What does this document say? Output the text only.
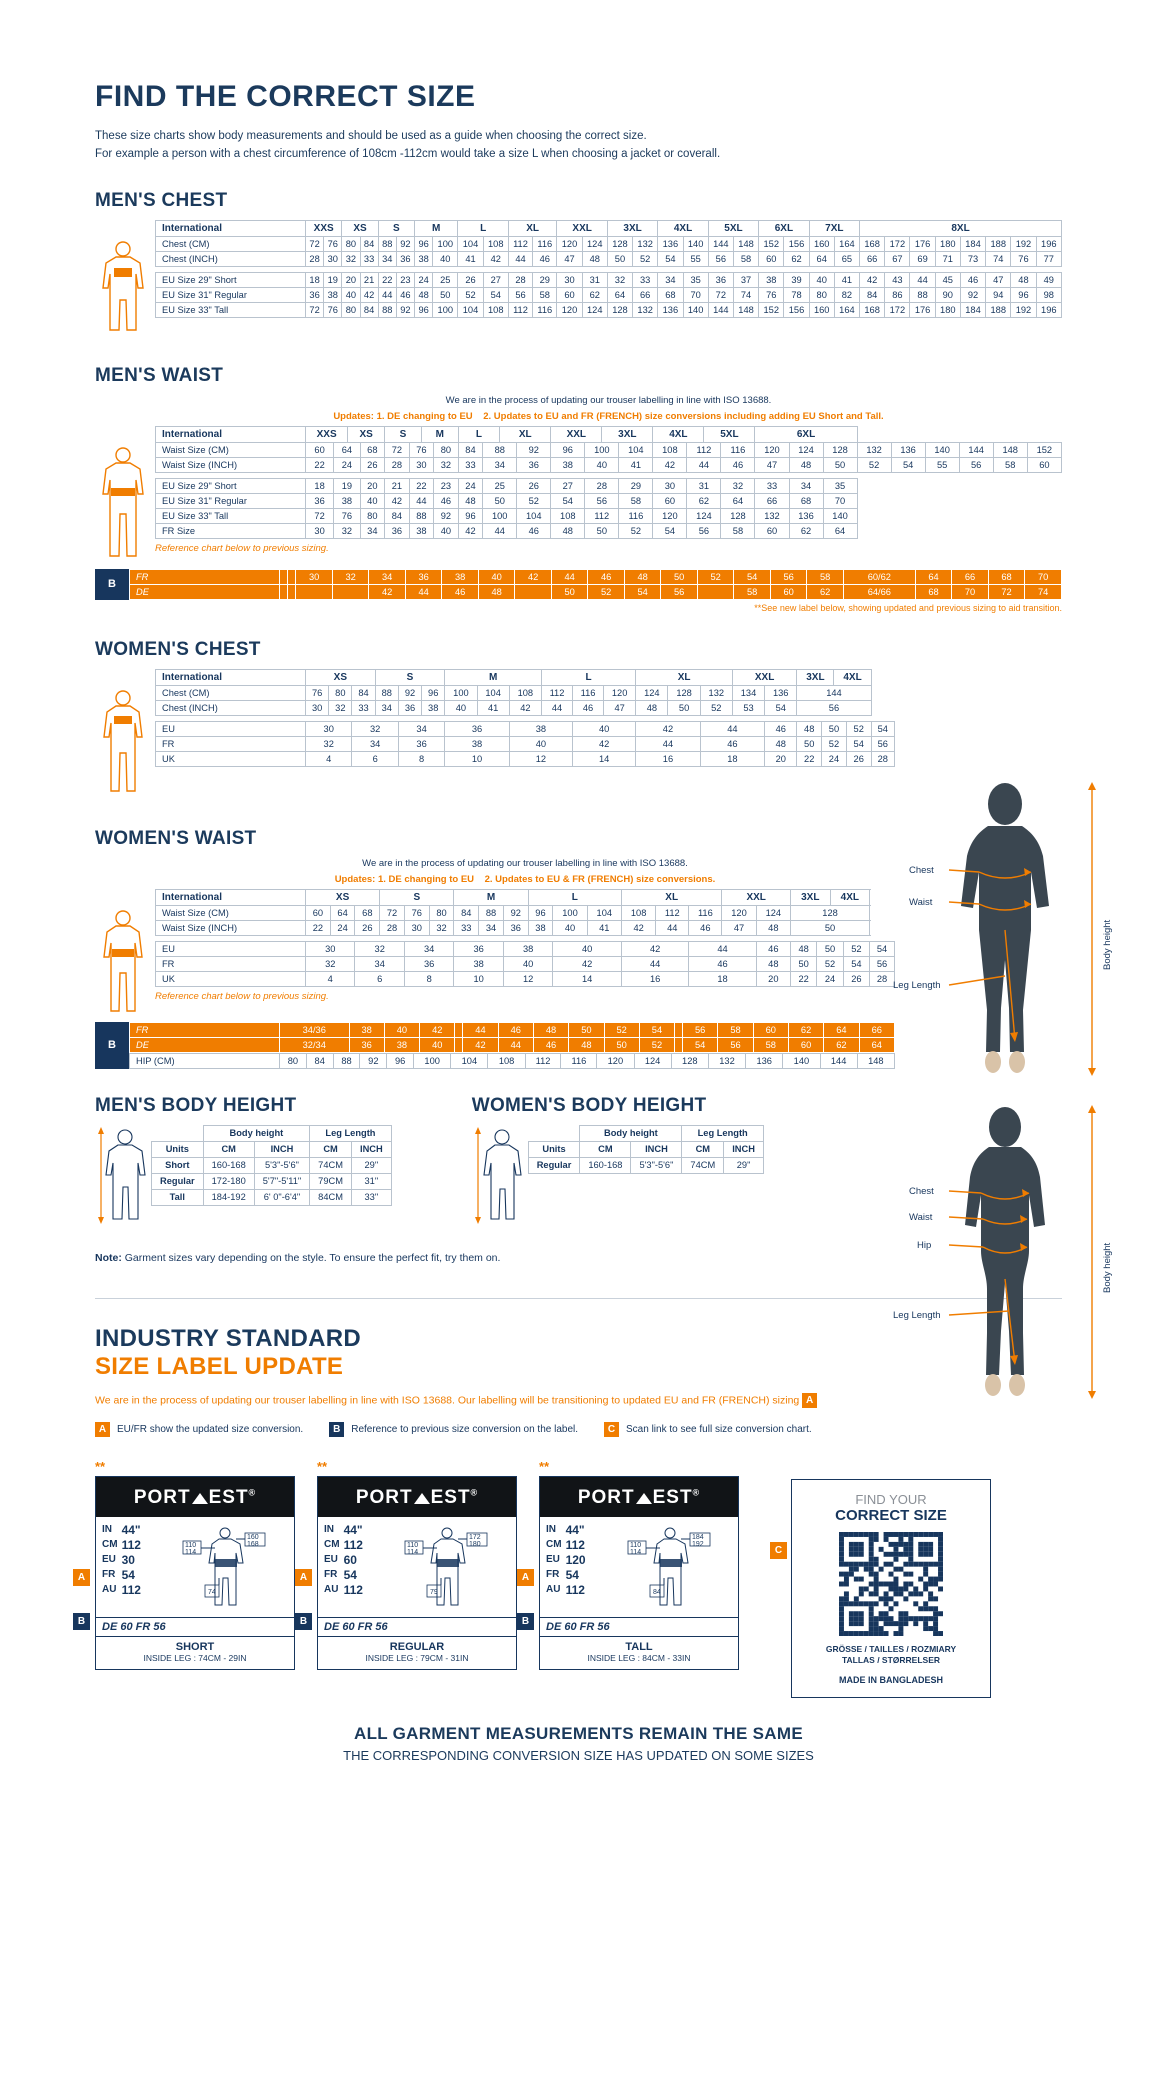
FIND THE CORRECT SIZE
These size charts show body measurements and should be used as a guide when choosing the correct size.
For example a person with a chest circumference of 108cm -112cm would take a size L when choosing a jacket or coverall.
MEN'S CHEST
International	XXS		XS		S		M		L		XL		XXL		3XL		4XL		5XL		6XL		7XL		8XL							
Chest (CM)	72	76	80	84	88	92	96	100	104	108	112	116	120	124	128	132	136	140	144	148	152	156	160	164	168	172	176	180	184	188	192	196
Chest (INCH)	28	30	32	33	34	36	38	40	41	42	44	46	47	48	50	52	54	55	56	58	60	62	64	65	66	67	69	71	73	74	76	77

EU Size 29" Short	18	19	20	21	22	23	24	25	26	27	28	29	30	31	32	33	34	35	36	37	38	39	40	41	42	43	44	45	46	47	48	49
EU Size 31" Regular	36	38	40	42	44	46	48	50	52	54	56	58	60	62	64	66	68	70	72	74	76	78	80	82	84	86	88	90	92	94	96	98
EU Size 33" Tall	72	76	80	84	88	92	96	100	104	108	112	116	120	124	128	132	136	140	144	148	152	156	160	164	168	172	176	180	184	188	192	196
MEN'S WAIST
We are in the process of updating our trouser labelling in line with ISO 13688.
Updates: 1. DE changing to EU 2. Updates to EU and FR (FRENCH) size conversions including adding EU Short and Tall.
International	XXS		XS		S		M		L		XL		XXL		3XL		4XL		5XL		6XL								
Waist Size (CM)	60	64		68	72	76		80	84	88		92	96	100		104	108	112		116	120	124	128	132	136	140	144	148	152
Waist Size (INCH)	22	24		26	28	30		32	33	34		36	38	40		41	42	44		46	47	48	50	52	54	55	56	58	60

EU Size 29" Short	18	19		20	21	22		23	24	25		26	27	28		29	30	31		32	33	34	35						
EU Size 31" Regular	36	38		40	42	44		46	48	50		52	54	56		58	60	62		64	66	68	70						
EU Size 33" Tall	72	76		80	84	88		92	96	100		104	108	112		116	120	124		128	132	136	140						
FR Size	30	32		34	36	38		40	42	44		46	48	50		52	54	56		58	60	62	64						
Reference chart below to previous sizing.
B
FR			30	32	34	36	38	40	42	44	46	48	50	52	54	56	58	60/62	64	66	68	70
DE					42	44	46	48		50	52	54	56		58	60	62	64/66	68	70	72	74
**See new label below, showing updated and previous sizing to aid transition.
WOMEN'S CHEST
International	XS			S			M			L			XL			XXL		3XL		4XL		
Chest (CM)	76	80	84	88	92	96	100	104	108	112	116	120	124	128	132	134	136	144				
Chest (INCH)	30	32	33	34	36	38	40	41	42	44	46	47	48	50	52	53	54	56				

EU	30		32		34		36		38		40		42		44		46	48	50		52	54
FR	32		34		36		38		40		42		44		46		48	50	52		54	56
UK	4		6		8		10		12		14		16		18		20	22	24		26	28
WOMEN'S WAIST
We are in the process of updating our trouser labelling in line with ISO 13688.
Updates: 1. DE changing to EU 2. Updates to EU & FR (FRENCH) size conversions.
International	XS			S			M			L			XL			XXL		3XL		4XL		
Waist Size (CM)	60	64	68	72	76	80	84	88	92	96	100	104	108	112	116	120	124	128				
Waist Size (INCH)	22	24	26	28	30	32	33	34	36	38	40	41	42	44	46	47	48	50				

EU	30		32		34		36		38		40		42		44		46	48	50		52	54
FR	32		34		36		38		40		42		44		46		48	50	52		54	56
UK	4		6		8		10		12		14		16		18		20	22	24		26	28
Reference chart below to previous sizing.
B
FR	34/36	38	40	42		44	46	48	50	52	54		56	58	60	62	64	66
DE	32/34	36	38	40		42	44	46	48	50	52		54	56	58	60	62	64
HIP (CM)	80	84	88	92	96	100	104	108	112	116	120	124	128	132	136	140	144	148
MEN'S BODY HEIGHT
	Body height		Leg Length	
Units	CM	INCH	CM	INCH
Short	160-168	5'3"-5'6"	74CM	29"
Regular	172-180	5'7"-5'11"	79CM	31"
Tall	184-192	6' 0"-6'4"	84CM	33"
WOMEN'S BODY HEIGHT
	Body height		Leg Length	
Units	CM	INCH	CM	INCH
Regular	160-168	5'3"-5'6"	74CM	29"
Note: Garment sizes vary depending on the style. To ensure the perfect fit, try them on.
INDUSTRY STANDARD
SIZE LABEL UPDATE
We are in the process of updating our trouser labelling in line with ISO 13688. Our labelling will be transitioning to updated EU and FR (FRENCH) sizing A
A	EU/FR show the updated size conversion.	B	Reference to previous size conversion on the label.	C	Scan link to see full size conversion chart.
**
PORT EST®
IN	44"
CM	112
EU	30
FR	54
AU	112
110
114
160
168
74
DE 60 FR 56
SHORT
INSIDE LEG : 74CM - 29IN
A
B
**
PORT EST®
IN	44"
CM	112
EU	60
FR	54
AU	112
110
114
172
180
79
DE 60 FR 56
REGULAR
INSIDE LEG : 79CM - 31IN
A
B
**
PORT EST®
IN	44"
CM	112
EU	120
FR	54
AU	112
110
114
184
192
84
DE 60 FR 56
TALL
INSIDE LEG : 84CM - 33IN
A
B
FIND YOUR
CORRECT SIZE
GRÖSSE / TAILLES / ROZMIARY
TALLAS / STØRRELSER
MADE IN BANGLADESH
C
ALL GARMENT MEASUREMENTS REMAIN THE SAME
THE CORRESPONDING CONVERSION SIZE HAS UPDATED ON SOME SIZES
Chest
Waist
Leg Length
Body height
Chest
Waist
Hip
Leg Length
Body height
